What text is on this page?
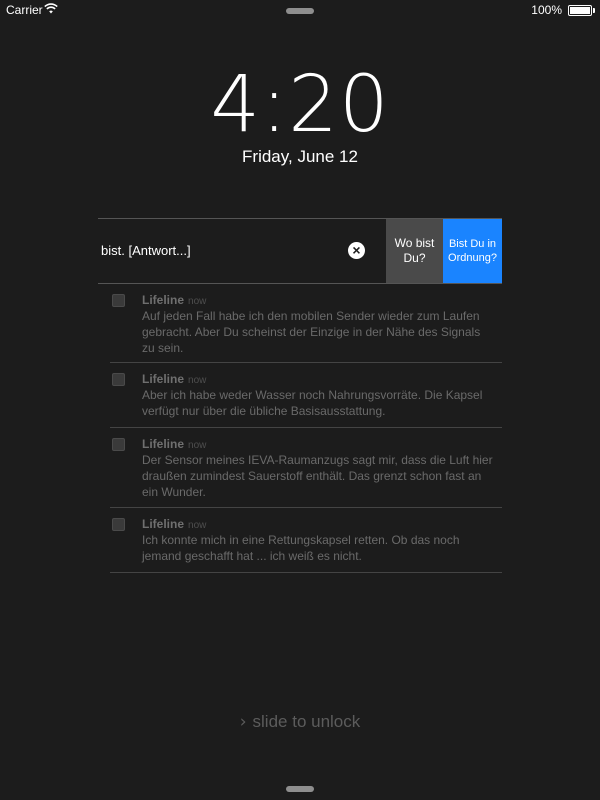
Carrier	100%
4:20
Friday, June 12
bist. [Antwort...]	×	Wo bist Du?
Bist Du in Ordnung?
Lifeline now
Auf jeden Fall habe ich den mobilen Sender wieder zum Laufen gebracht. Aber Du scheinst der Einzige in der Nähe des Signals zu sein.
Lifeline now
Aber ich habe weder Wasser noch Nahrungsvorräte. Die Kapsel verfügt nur über die übliche Basisausstattung.
Lifeline now
Der Sensor meines IEVA-Raumanzugs sagt mir, dass die Luft hier draußen zumindest Sauerstoff enthält. Das grenzt schon fast an ein Wunder.
Lifeline now
Ich konnte mich in eine Rettungskapsel retten. Ob das noch jemand geschafft hat ... ich weiß es nicht.
› slide to unlock
